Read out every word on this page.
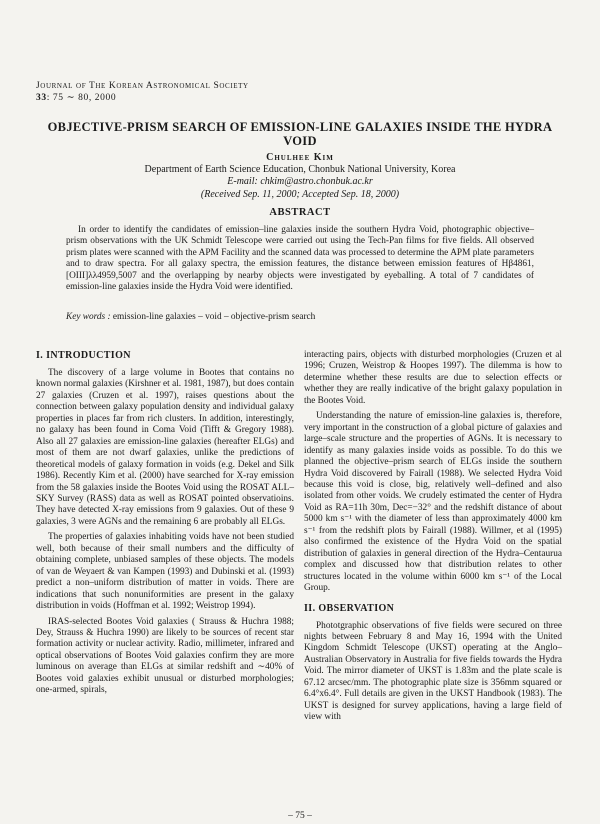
Journal of The Korean Astronomical Society
33: 75 ∼ 80, 2000
OBJECTIVE-PRISM SEARCH OF EMISSION-LINE GALAXIES INSIDE THE HYDRA VOID
Chulhee Kim
Department of Earth Science Education, Chonbuk National University, Korea
E-mail: chkim@astro.chonbuk.ac.kr
(Received Sep. 11, 2000; Accepted Sep. 18, 2000)
ABSTRACT

In order to identify the candidates of emission–line galaxies inside the southern Hydra Void, photographic objective–prism observations with the UK Schmidt Telescope were carried out using the Tech-Pan films for five fields. All observed prism plates were scanned with the APM Facility and the scanned data was processed to determine the APM plate parameters and to draw spectra. For all galaxy spectra, the emission features, the distance between emission features of Hβ4861, [OIII]λλ4959,5007 and the overlapping by nearby objects were investigated by eyeballing. A total of 7 candidates of emission-line galaxies inside the Hydra Void were identified.

Key words : emission-line galaxies – void – objective-prism search
I. INTRODUCTION

The discovery of a large volume in Bootes that contains no known normal galaxies (Kirshner et al. 1981, 1987), but does contain 27 galaxies (Cruzen et al. 1997), raises questions about the connection between galaxy population density and individual galaxy properties in places far from rich clusters. In addition, interestingly, no galaxy has been found in Coma Void (Tifft & Gregory 1988). Also all 27 galaxies are emission-line galaxies (hereafter ELGs) and most of them are not dwarf galaxies, unlike the predictions of theoretical models of galaxy formation in voids (e.g. Dekel and Silk 1986). Recently Kim et al. (2000) have searched for X-ray emission from the 58 galaxies inside the Bootes Void using the ROSAT ALL–SKY Survey (RASS) data as well as ROSAT pointed observatioins. They have detected X-ray emissions from 9 galaxies. Out of these 9 galaxies, 3 were AGNs and the remaining 6 are probably all ELGs.

The properties of galaxies inhabiting voids have not been studied well, both because of their small numbers and the difficulty of obtaining complete, unbiased samples of these objects. The models of van de Weyaert & van Kampen (1993) and Dubinski et al. (1993) predict a non–uniform distribution of matter in voids. There are indications that such nonuniformities are present in the galaxy distribution in voids (Hoffman et al. 1992; Weistrop 1994).

IRAS-selected Bootes Void galaxies ( Strauss & Huchra 1988; Dey, Strauss & Huchra 1990) are likely to be sources of recent star formation activity or nuclear activity. Radio, millimeter, infrared and optical observations of Bootes Void galaxies confirm they are more luminous on average than ELGs at similar redshift and ∼40% of Bootes void galaxies exhibit unusual or disturbed morphologies; one-armed, spirals,

interacting pairs, objects with disturbed morphologies (Cruzen et al 1996; Cruzen, Weistrop & Hoopes 1997). The dilemma is how to determine whether these results are due to selection effects or whether they are really indicative of the bright galaxy population in the Bootes Void.

Understanding the nature of emission-line galaxies is, therefore, very important in the construction of a global picture of galaxies and large–scale structure and the properties of AGNs. It is necessary to identify as many galaxies inside voids as possible. To do this we planned the objective–prism search of ELGs inside the southern Hydra Void discovered by Fairall (1988). We selected Hydra Void because this void is close, big, relatively well–defined and also isolated from other voids. We crudely estimated the center of Hydra Void as RA=11h 30m, Dec=−32° and the redshift distance of about 5000 km s⁻¹ with the diameter of less than approximately 4000 km s⁻¹ from the redshift plots by Fairall (1988). Willmer, et al (1995) also confirmed the existence of the Hydra Void on the spatial distribution of galaxies in general direction of the Hydra–Centaurua complex and discussed how that distribution relates to other structures located in the volume within 6000 km s⁻¹ of the Local Group.

II. OBSERVATION

Phototgraphic observations of five fields were secured on three nights between February 8 and May 16, 1994 with the United Kingdom Schmidt Telescope (UKST) operating at the Anglo–Australian Observatory in Australia for five fields towards the Hydra Void. The mirror diameter of UKST is 1.83m and the plate scale is 67.12 arcsec/mm. The photographic plate size is 356mm squared or 6.4°x6.4°. Full details are given in the UKST Handbook (1983). The UKST is designed for survey applications, having a large field of view with

– 75 –
